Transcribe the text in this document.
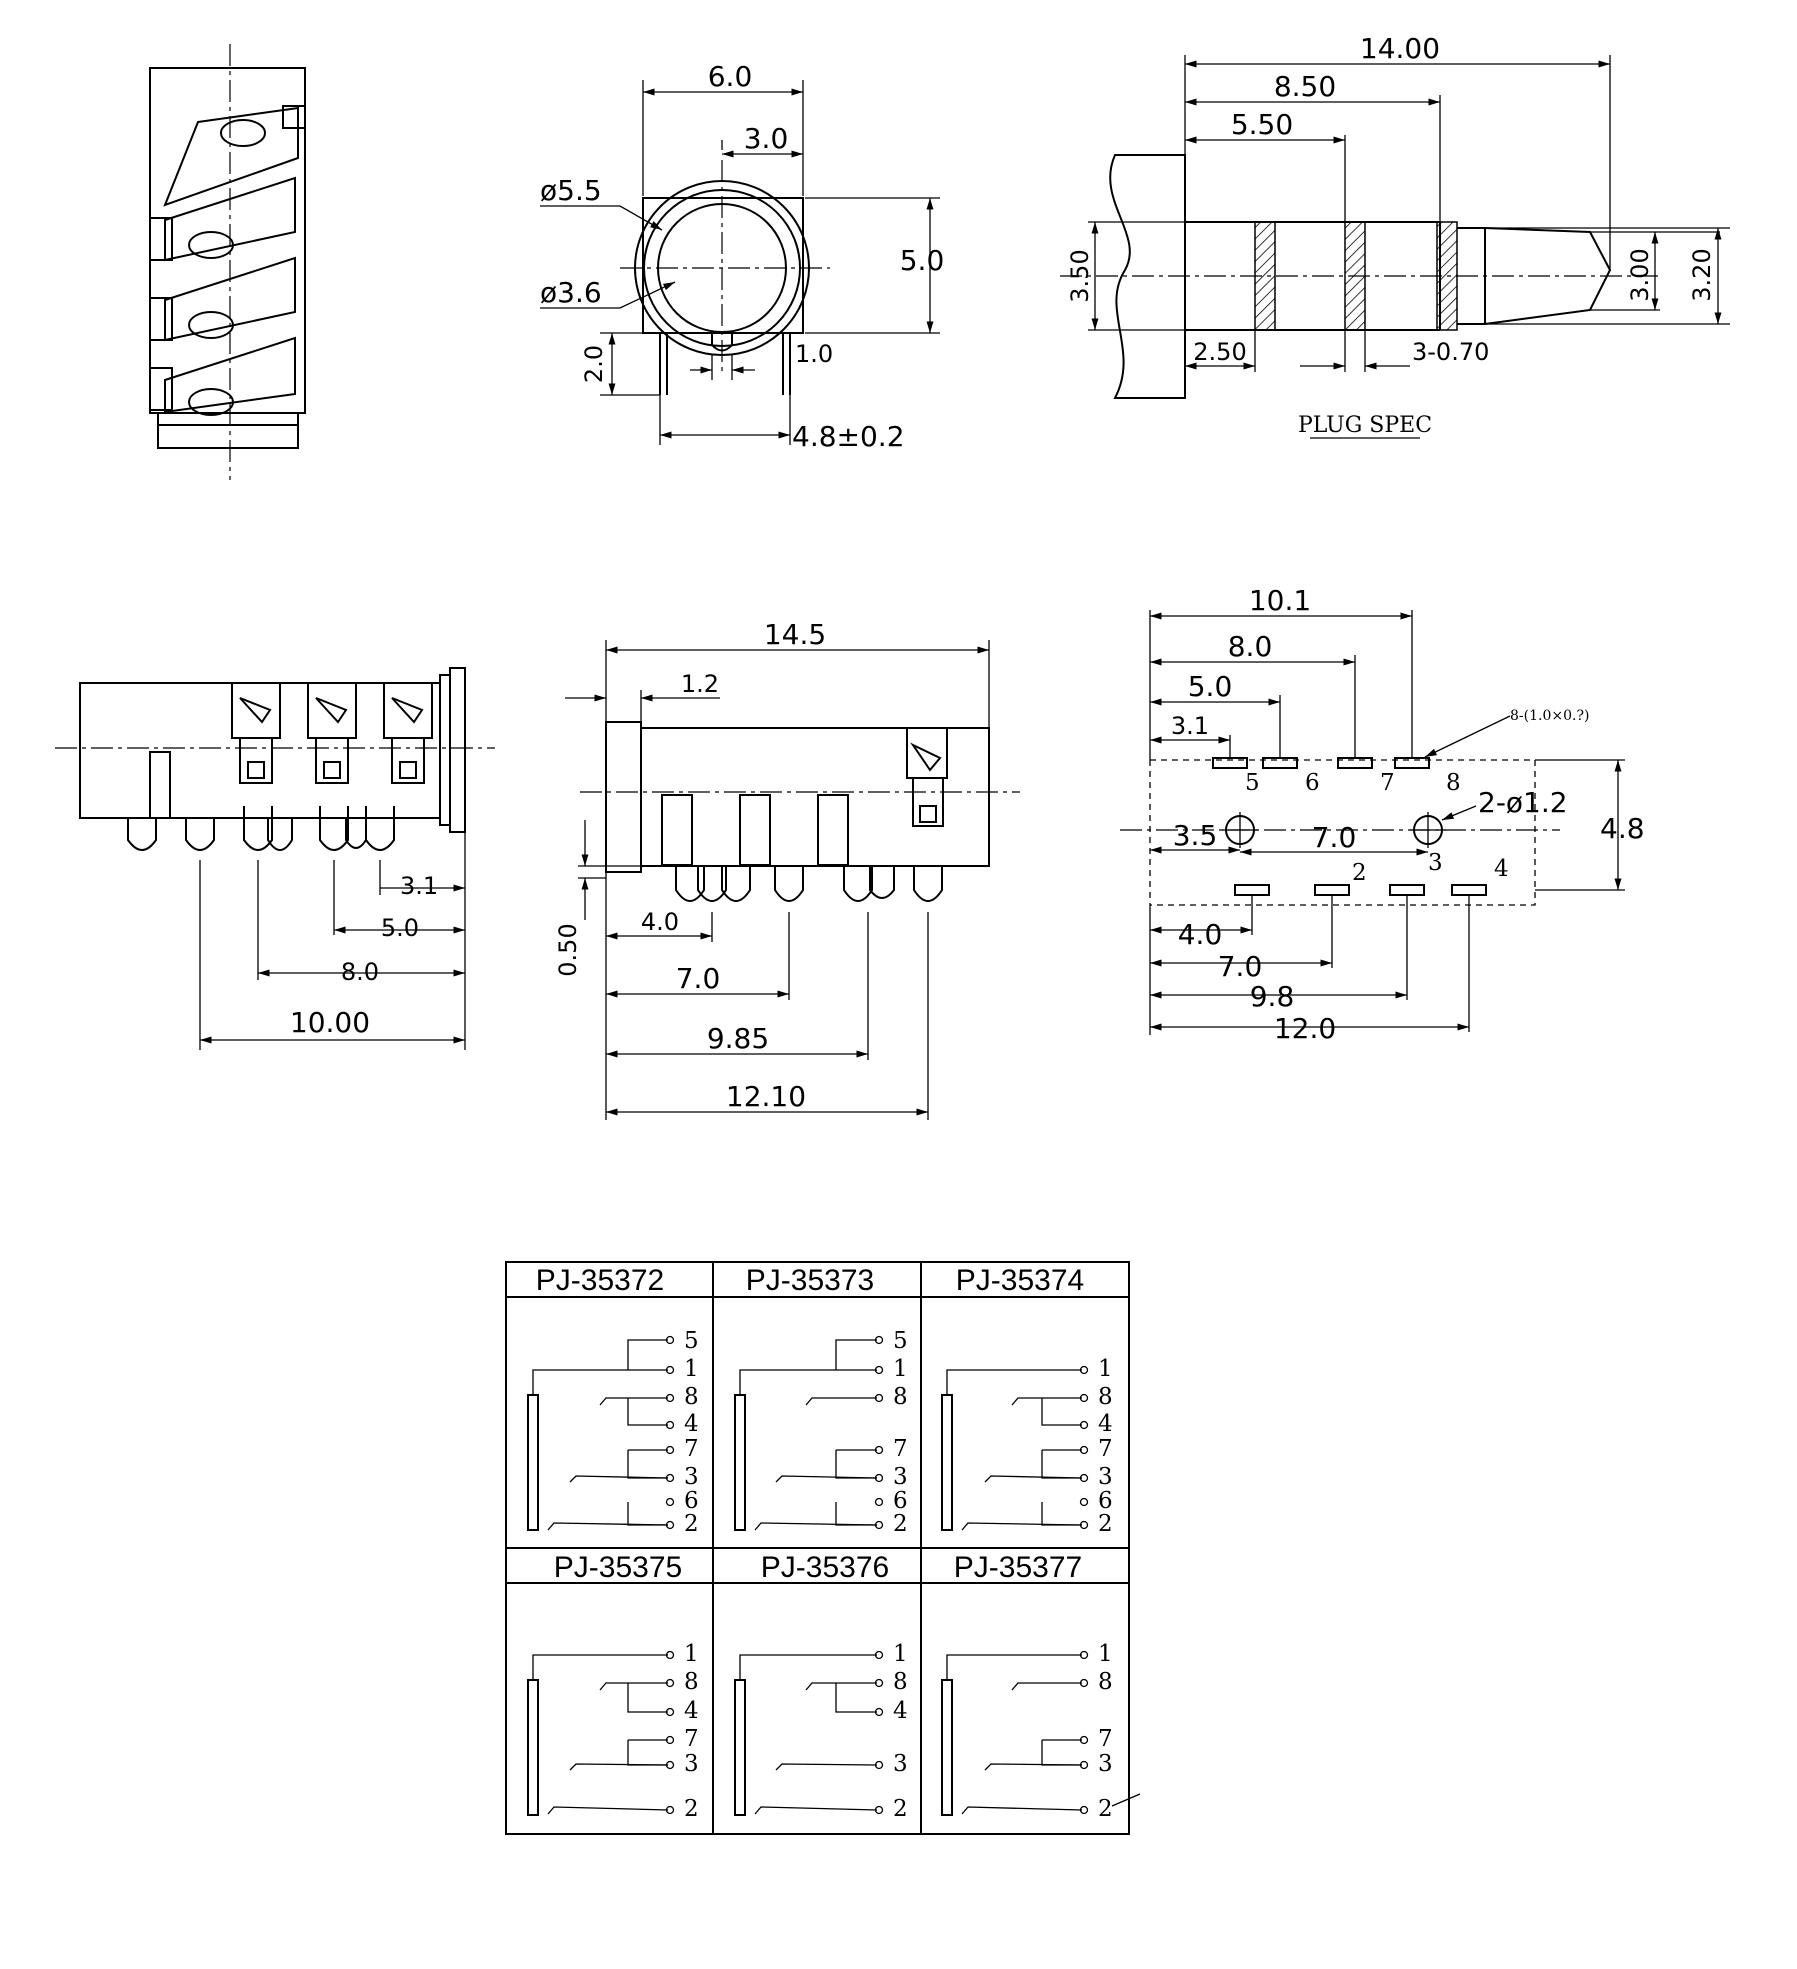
6.0
3.0
5.0
ø5.5
ø3.6
2.0	1.0
4.8±0.2
14.00
8.50
5.50
3.50	3.00 3.20
2.50	3-0.70
PLUG SPEC
3.1
5.0
8.0
10.00
14.5
1.2
0.50
4.0
7.0
9.85
12.10
5 6	7 8
2	3 4
10.1
8.0
5.0
3.1	8-(1.0×0.?)
2-ø1.2
4.8
3.5	7.0
4.0
7.0
9.8
12.0
PJ-35372	PJ-35373	PJ-35374
PJ-35375	PJ-35376 PJ-35377
5
1
8
4
7
3
6
2
5
1
8
7
3
6
2
1
8
4
7
3
6
2
1
8
4
7
3
2
1
8
4
3
2
1
8
7
3
2
